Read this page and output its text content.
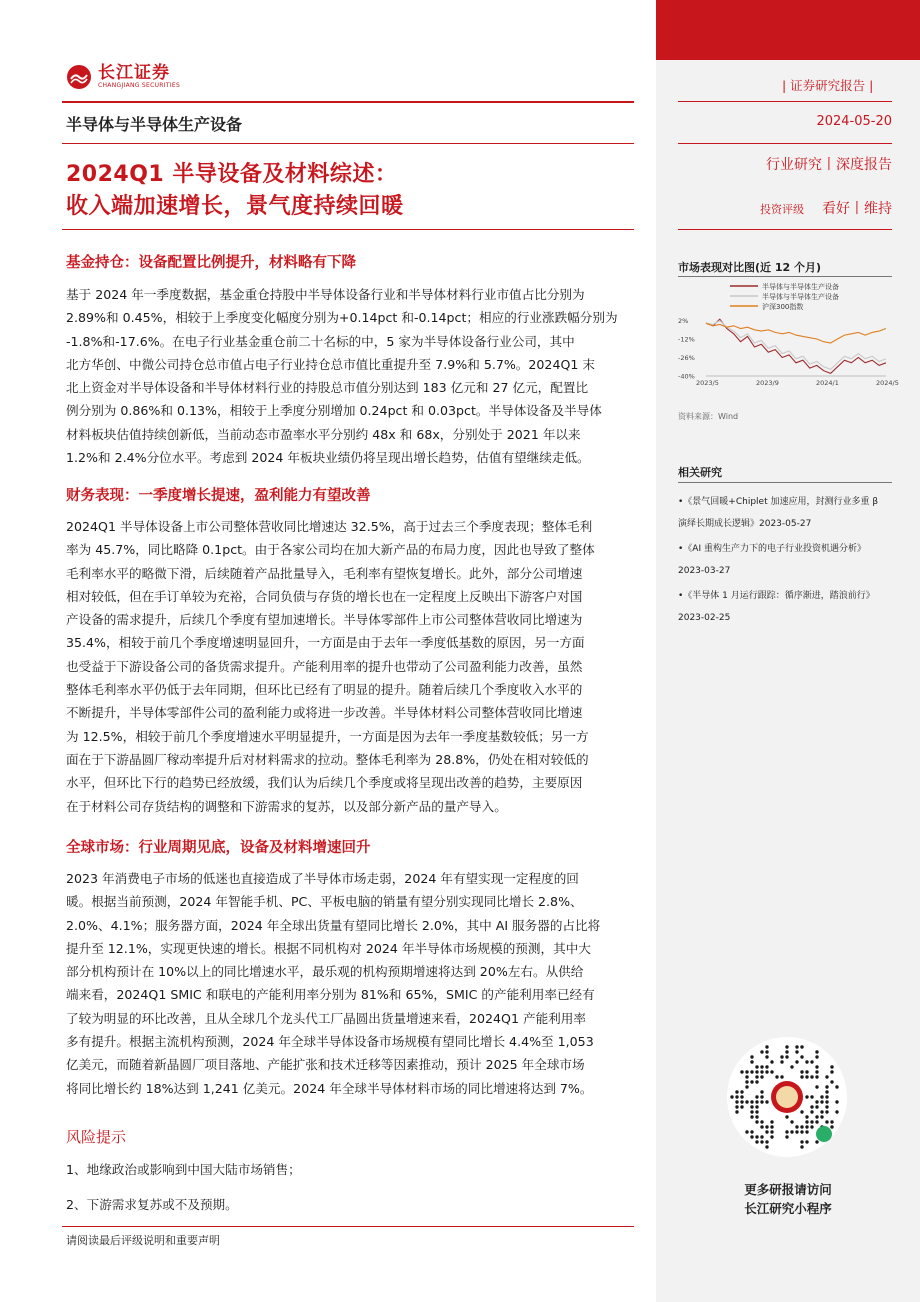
长江证券
CHANGJIANG SECURITIES
半导体与半导体生产设备
2024Q1 半导设备及材料综述：
收入端加速增长，景气度持续回暖
基金持仓：设备配置比例提升，材料略有下降
基于 2024 年一季度数据，基金重仓持股中半导体设备行业和半导体材料行业市值占比分别为
2.89%和 0.45%，相较于上季度变化幅度分别为+0.14pct 和-0.14pct；相应的行业涨跌幅分别为
-1.8%和-17.6%。在电子行业基金重仓前二十名标的中，5 家为半导体设备行业公司，其中
北方华创、中微公司持仓总市值占电子行业持仓总市值比重提升至 7.9%和 5.7%。2024Q1 末
北上资金对半导体设备和半导体材料行业的持股总市值分别达到 183 亿元和 27 亿元，配置比
例分别为 0.86%和 0.13%，相较于上季度分别增加 0.24pct 和 0.03pct。半导体设备及半导体
材料板块估值持续创新低，当前动态市盈率水平分别约 48x 和 68x，分别处于 2021 年以来
1.2%和 2.4%分位水平。考虑到 2024 年板块业绩仍将呈现出增长趋势，估值有望继续走低。
财务表现：一季度增长提速，盈利能力有望改善
2024Q1 半导体设备上市公司整体营收同比增速达 32.5%，高于过去三个季度表现；整体毛利
率为 45.7%，同比略降 0.1pct。由于各家公司均在加大新产品的布局力度，因此也导致了整体
毛利率水平的略微下滑，后续随着产品批量导入，毛利率有望恢复增长。此外，部分公司增速
相对较低，但在手订单较为充裕，合同负债与存货的增长也在一定程度上反映出下游客户对国
产设备的需求提升，后续几个季度有望加速增长。半导体零部件上市公司整体营收同比增速为
35.4%，相较于前几个季度增速明显回升，一方面是由于去年一季度低基数的原因，另一方面
也受益于下游设备公司的备货需求提升。产能利用率的提升也带动了公司盈利能力改善，虽然
整体毛利率水平仍低于去年同期，但环比已经有了明显的提升。随着后续几个季度收入水平的
不断提升，半导体零部件公司的盈利能力或将进一步改善。半导体材料公司整体营收同比增速
为 12.5%，相较于前几个季度增速水平明显提升，一方面是因为去年一季度基数较低；另一方
面在于下游晶圆厂稼动率提升后对材料需求的拉动。整体毛利率为 28.8%，仍处在相对较低的
水平，但环比下行的趋势已经放缓，我们认为后续几个季度或将呈现出改善的趋势，主要原因
在于材料公司存货结构的调整和下游需求的复苏，以及部分新产品的量产导入。
全球市场：行业周期见底，设备及材料增速回升
2023 年消费电子市场的低迷也直接造成了半导体市场走弱，2024 年有望实现一定程度的回
暖。根据当前预测，2024 年智能手机、PC、平板电脑的销量有望分别实现同比增长 2.8%、
2.0%、4.1%；服务器方面，2024 年全球出货量有望同比增长 2.0%，其中 AI 服务器的占比将
提升至 12.1%，实现更快速的增长。根据不同机构对 2024 年半导体市场规模的预测，其中大
部分机构预计在 10%以上的同比增速水平，最乐观的机构预期增速将达到 20%左右。从供给
端来看，2024Q1 SMIC 和联电的产能利用率分别为 81%和 65%，SMIC 的产能利用率已经有
了较为明显的环比改善，且从全球几个龙头代工厂晶圆出货量增速来看，2024Q1 产能利用率
多有提升。根据主流机构预测，2024 年全球半导体设备市场规模有望同比增长 4.4%至 1,053
亿美元，而随着新晶圆厂项目落地、产能扩张和技术迁移等因素推动，预计 2025 年全球市场
将同比增长约 18%达到 1,241 亿美元。2024 年全球半导体材料市场的同比增速将达到 7%。
风险提示
1、地缘政治或影响到中国大陆市场销售；
2、下游需求复苏或不及预期。
请阅读最后评级说明和重要声明
| 证券研究报告 |
2024-05-20
行业研究丨深度报告
投资评级 看好丨维持
市场表现对比图(近 12 个月)
半导体与半导体生产设备
半导体与半导体生产设备
沪深300指数
2%
-12%
-26%
-40%
2023/5	2023/9	2024/1	2024/5
资料来源：Wind
相关研究
•《景气回暖+Chiplet 加速应用，封测行业多重 β
演绎长期成长逻辑》2023-05-27
•《AI 重构生产力下的电子行业投资机遇分析》
2023-03-27
•《半导体 1 月运行跟踪：循序渐进，踏浪前行》
2023-02-25
更多研报请访问
长江研究小程序
